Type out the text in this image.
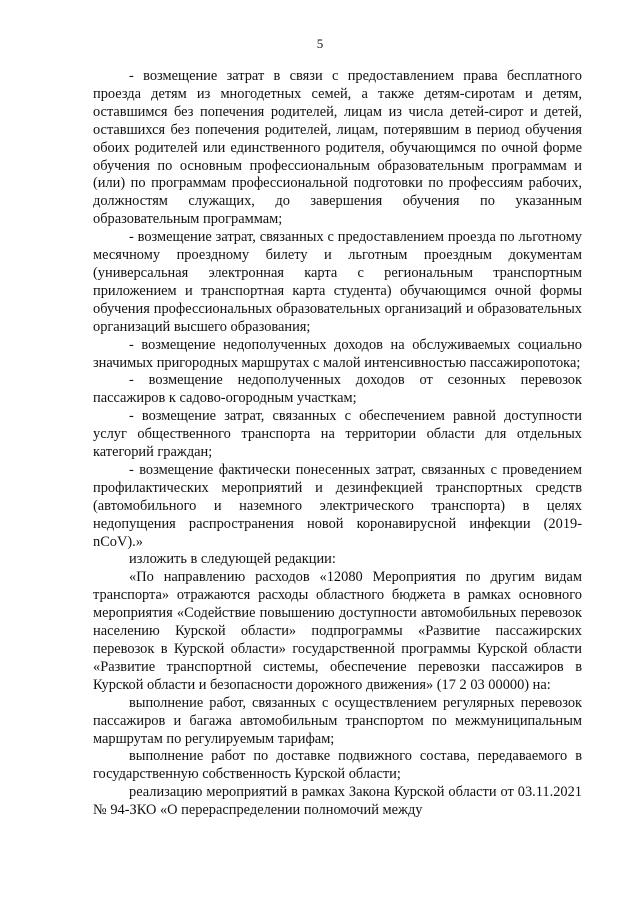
5

- возмещение затрат в связи с предоставлением права бесплатного проезда детям из многодетных семей, а также детям-сиротам и детям, оставшимся без попечения родителей, лицам из числа детей-сирот и детей, оставшихся без попечения родителей, лицам, потерявшим в период обучения обоих родителей или единственного родителя, обучающимся по очной форме обучения по основным профессиональным образовательным программам и (или) по программам профессиональной подготовки по профессиям рабочих, должностям служащих, до завершения обучения по указанным образовательным программам;

- возмещение затрат, связанных с предоставлением проезда по льготному месячному проездному билету и льготным проездным документам (универсальная электронная карта с региональным транспортным приложением и транспортная карта студента) обучающимся очной формы обучения профессиональных образовательных организаций и образовательных организаций высшего образования;

- возмещение недополученных доходов на обслуживаемых социально значимых пригородных маршрутах с малой интенсивностью пассажиропотока;

- возмещение недополученных доходов от сезонных перевозок пассажиров к садово-огородным участкам;

- возмещение затрат, связанных с обеспечением равной доступности услуг общественного транспорта на территории области для отдельных категорий граждан;

- возмещение фактически понесенных затрат, связанных с проведением профилактических мероприятий и дезинфекцией транспортных средств (автомобильного и наземного электрического транспорта) в целях недопущения распространения новой коронавирусной инфекции (2019-nCoV).»

изложить в следующей редакции:

«По направлению расходов «12080 Мероприятия по другим видам транспорта» отражаются расходы областного бюджета в рамках основного мероприятия «Содействие повышению доступности автомобильных перевозок населению Курской области» подпрограммы «Развитие пассажирских перевозок в Курской области» государственной программы Курской области «Развитие транспортной системы, обеспечение перевозки пассажиров в Курской области и безопасности дорожного движения» (17 2 03 00000) на:

выполнение работ, связанных с осуществлением регулярных перевозок пассажиров и багажа автомобильным транспортом по межмуниципальным маршрутам по регулируемым тарифам;

выполнение работ по доставке подвижного состава, передаваемого в государственную собственность Курской области;

реализацию мероприятий в рамках Закона Курской области от 03.11.2021 № 94-ЗКО «О перераспределении полномочий между
